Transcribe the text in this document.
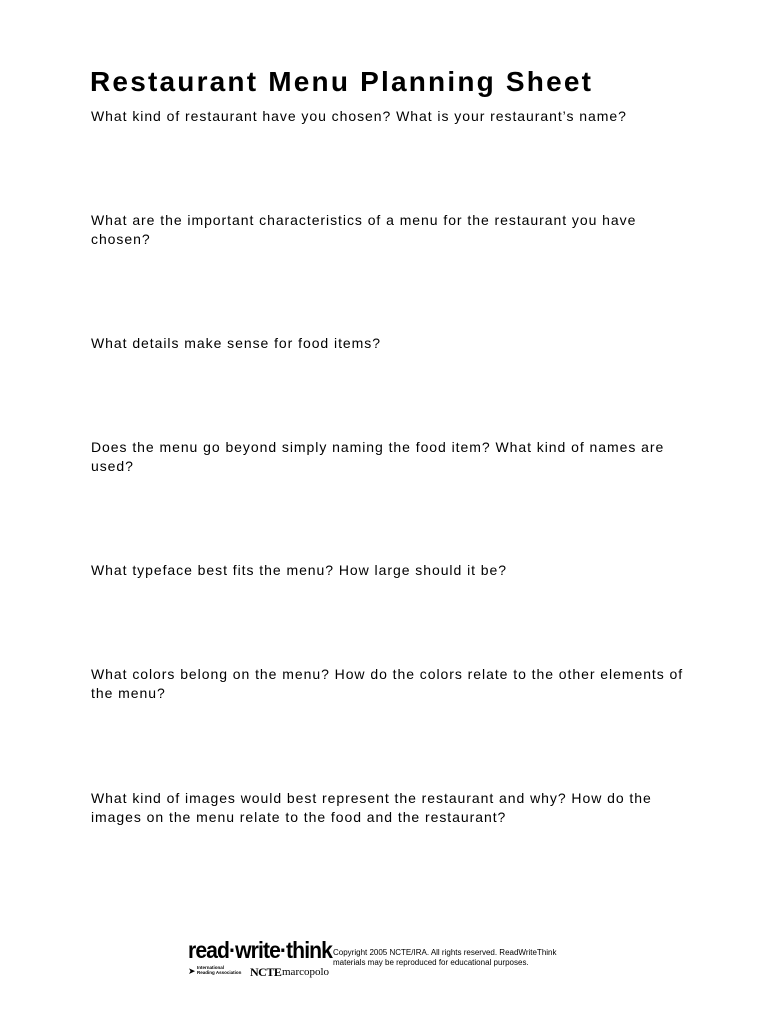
Restaurant Menu Planning Sheet

What kind of restaurant have you chosen? What is your restaurant’s name?

What are the important characteristics of a menu for the restaurant you have chosen?

What details make sense for food items?

Does the menu go beyond simply naming the food item? What kind of names are used?

What typeface best fits the menu? How large should it be?

What colors belong on the menu? How do the colors relate to the other elements of the menu?

What kind of images would best represent the restaurant and why? How do the images on the menu relate to the food and the restaurant?

read·write·think
➤ International
Reading Association NCTE marcopolo
Copyright 2005 NCTE/IRA. All rights reserved. ReadWriteThink materials may be reproduced for educational purposes.
